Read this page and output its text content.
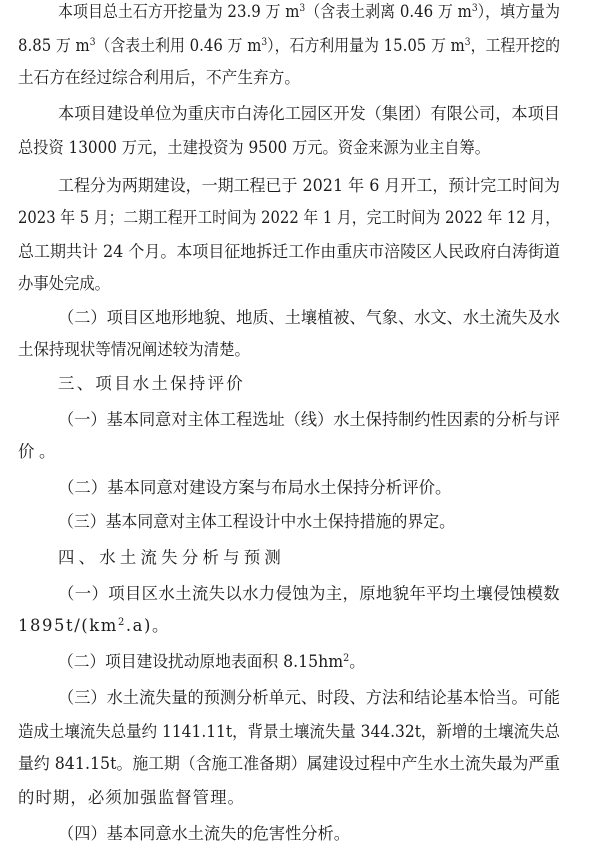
本项目总土石方开挖量为 23.9 万 $m^3$（含表土剥离 0.46 万 $m^3$），填方量为
8.85 万 $m^3$（含表土利用 0.46 万 $m^3$），石方利用量为 15.05 万 $m^3$，工程开挖的
土石方在经过综合利用后，不产生弃方。
本项目建设单位为重庆市白涛化工园区开发（集团）有限公司，本项目
总投资 13000 万元，土建投资为 9500 万元。资金来源为业主自筹。
工程分为两期建设，一期工程已于 2021 年 6 月开工，预计完工时间为
2023 年 5 月；二期工程开工时间为 2022 年 1 月，完工时间为 2022 年 12 月，
总工期共计 24 个月。本项目征地拆迁工作由重庆市涪陵区人民政府白涛街道
办事处完成。
（二）项目区地形地貌、地质、土壤植被、气象、水文、水土流失及水
土保持现状等情况阐述较为清楚。
三、项目水土保持评价
（一）基本同意对主体工程选址（线）水土保持制约性因素的分析与评
价。
（二）基本同意对建设方案与布局水土保持分析评价。
（三）基本同意对主体工程设计中水土保持措施的界定。
四、水土流失分析与预测
（一）项目区水土流失以水力侵蚀为主，原地貌年平均土壤侵蚀模数
$1895t/(km^2.a)$。
（二）项目建设扰动原地表面积 $8.15hm^2$。
（三）水土流失量的预测分析单元、时段、方法和结论基本恰当。可能
造成土壤流失总量约 1141.11t，背景土壤流失量 344.32t，新增的土壤流失总
量约 841.15t。施工期（含施工准备期）属建设过程中产生水土流失最为严重
的时期，必须加强监督管理。
（四）基本同意水土流失的危害性分析。
